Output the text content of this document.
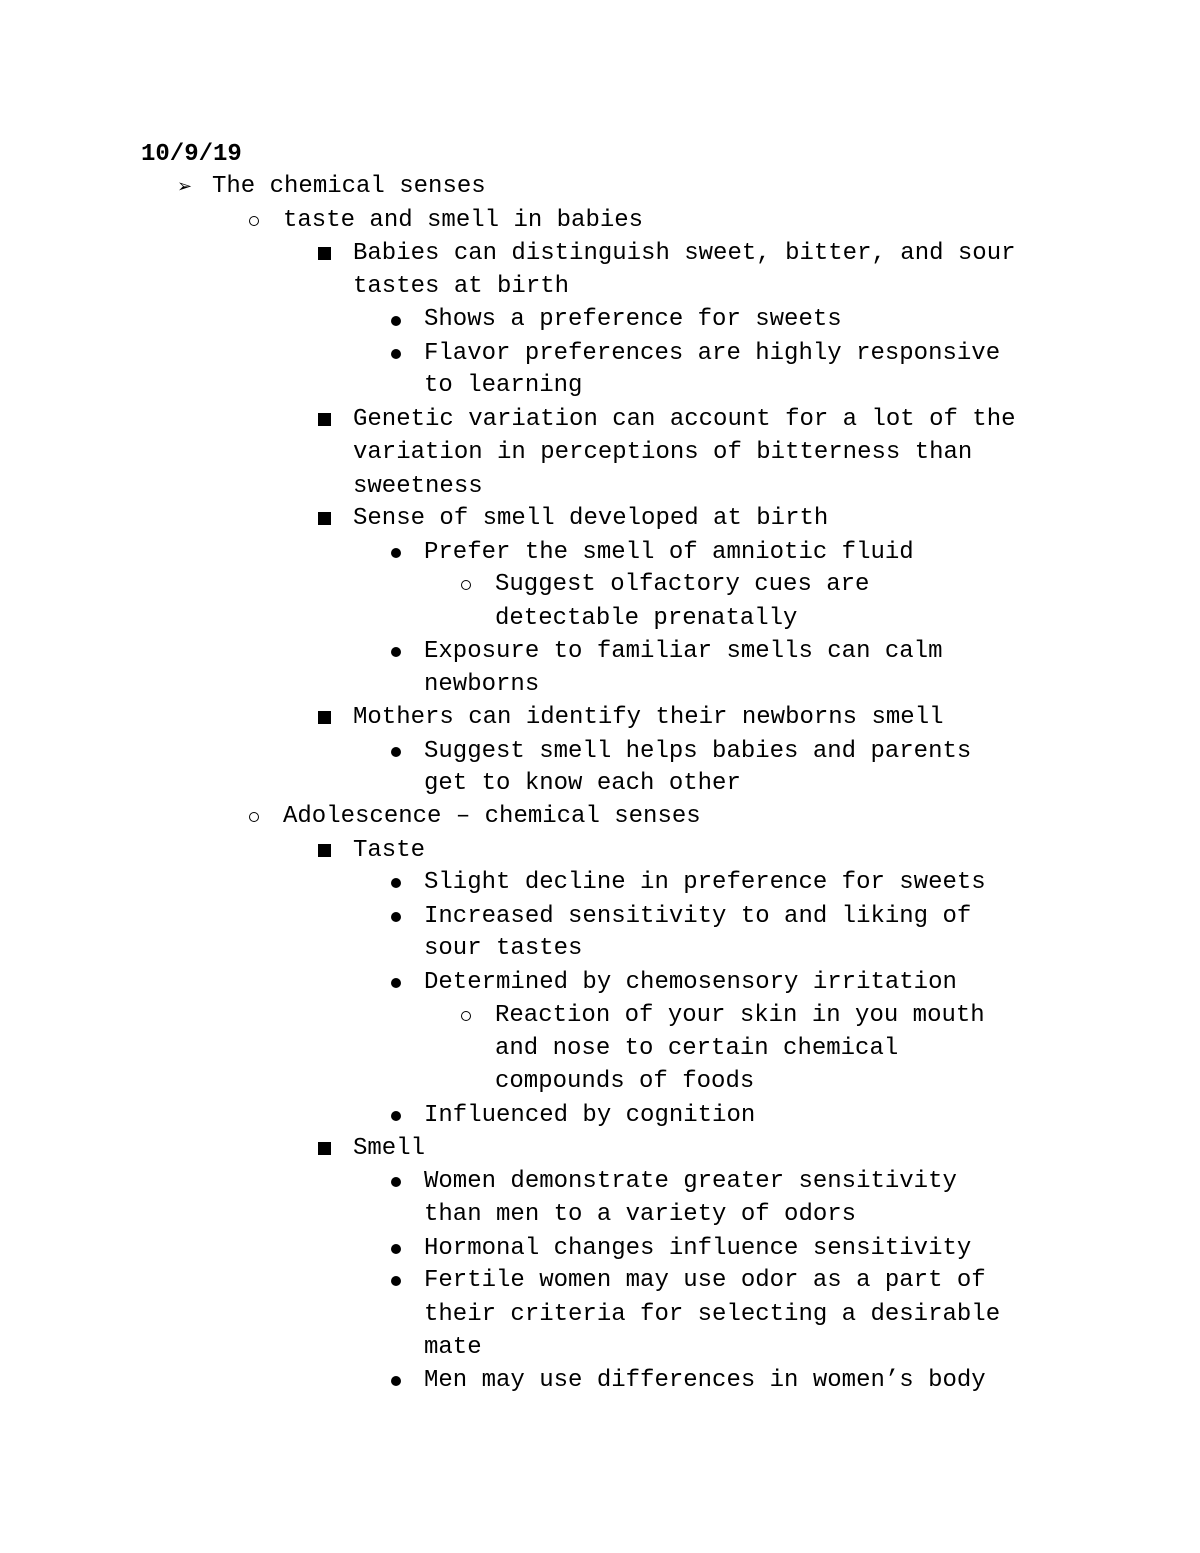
10/9/19
➢ The chemical senses
taste and smell in babies
Babies can distinguish sweet, bitter, and sour
tastes at birth
Shows a preference for sweets
Flavor preferences are highly responsive
to learning
Genetic variation can account for a lot of the
variation in perceptions of bitterness than
sweetness
Sense of smell developed at birth
Prefer the smell of amniotic fluid
Suggest olfactory cues are
detectable prenatally
Exposure to familiar smells can calm
newborns
Mothers can identify their newborns smell
Suggest smell helps babies and parents
get to know each other
Adolescence – chemical senses
Taste
Slight decline in preference for sweets
Increased sensitivity to and liking of
sour tastes
Determined by chemosensory irritation
Reaction of your skin in you mouth
and nose to certain chemical
compounds of foods
Influenced by cognition
Smell
Women demonstrate greater sensitivity
than men to a variety of odors
Hormonal changes influence sensitivity
Fertile women may use odor as a part of
their criteria for selecting a desirable
mate
Men may use differences in women’s body
